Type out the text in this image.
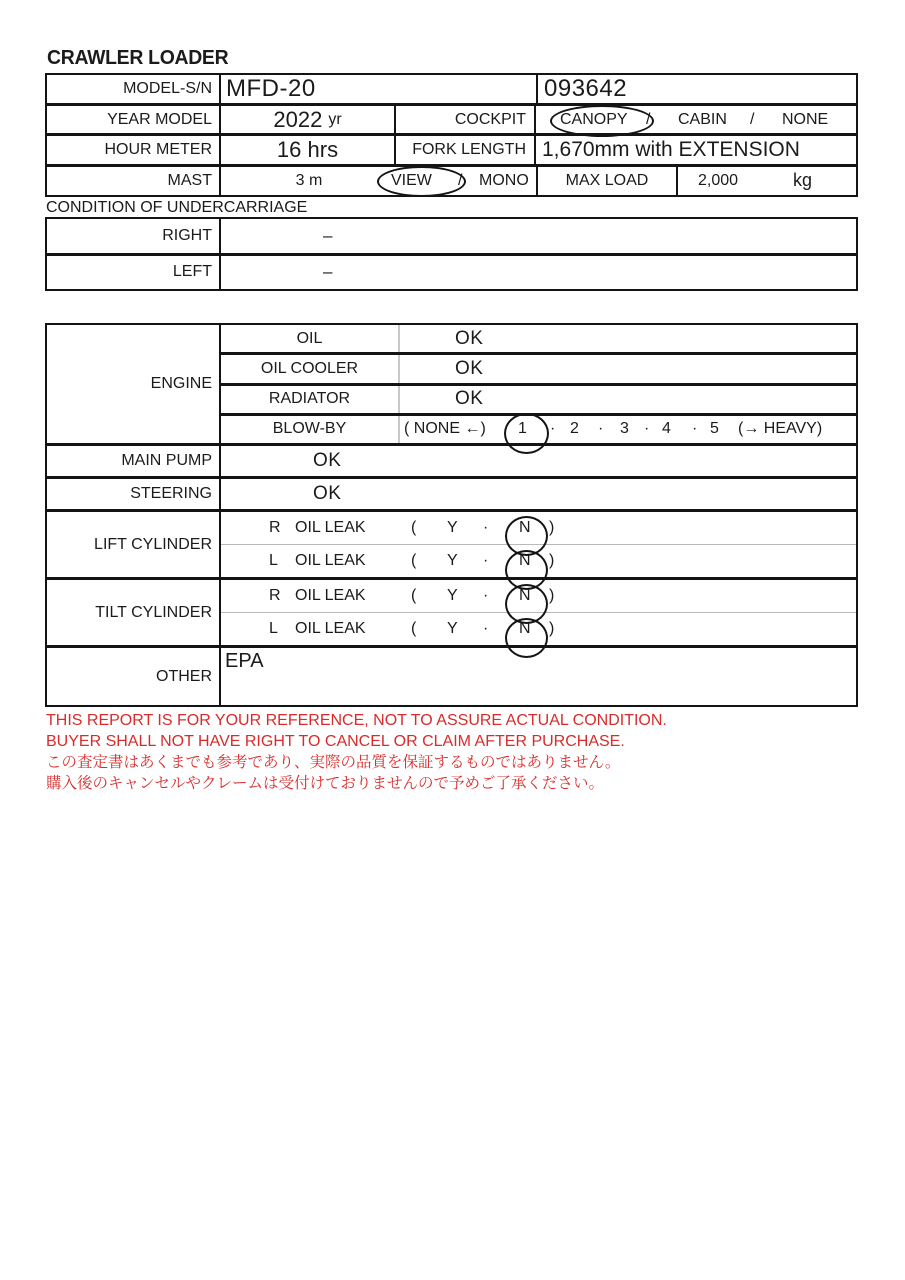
CRAWLER LOADER
MODEL-S/N MFD-20	093642
YEAR MODEL	2022 yr	COCKPIT	CANOPY / CABIN / NONE
HOUR METER	16 hrs	FORK LENGTH 1,670mm with EXTENSION
MAST	3 m	VIEW / MONO	MAX LOAD	2,000	kg
CONDITION OF UNDERCARRIAGE
RIGHT	–
LEFT	–
ENGINE
OIL	OK
OIL COOLER	OK
RADIATOR	OK
BLOW-BY	( NONE ←) 1 · 2 · 3 · 4 · 5 (→ HEAVY)
MAIN PUMP	OK
STEERING	OK
LIFT CYLINDER
R OIL LEAK	( Y · N )
L OIL LEAK	( Y · N )
TILT CYLINDER
R OIL LEAK	( Y · N )
L OIL LEAK	( Y · N )
OTHER
EPA

THIS REPORT IS FOR YOUR REFERENCE, NOT TO ASSURE ACTUAL CONDITION.

BUYER SHALL NOT HAVE RIGHT TO CANCEL OR CLAIM AFTER PURCHASE.

この査定書はあくまでも参考であり、実際の品質を保証するものではありません。

購入後のキャンセルやクレームは受付けておりませんので予めご了承ください。
